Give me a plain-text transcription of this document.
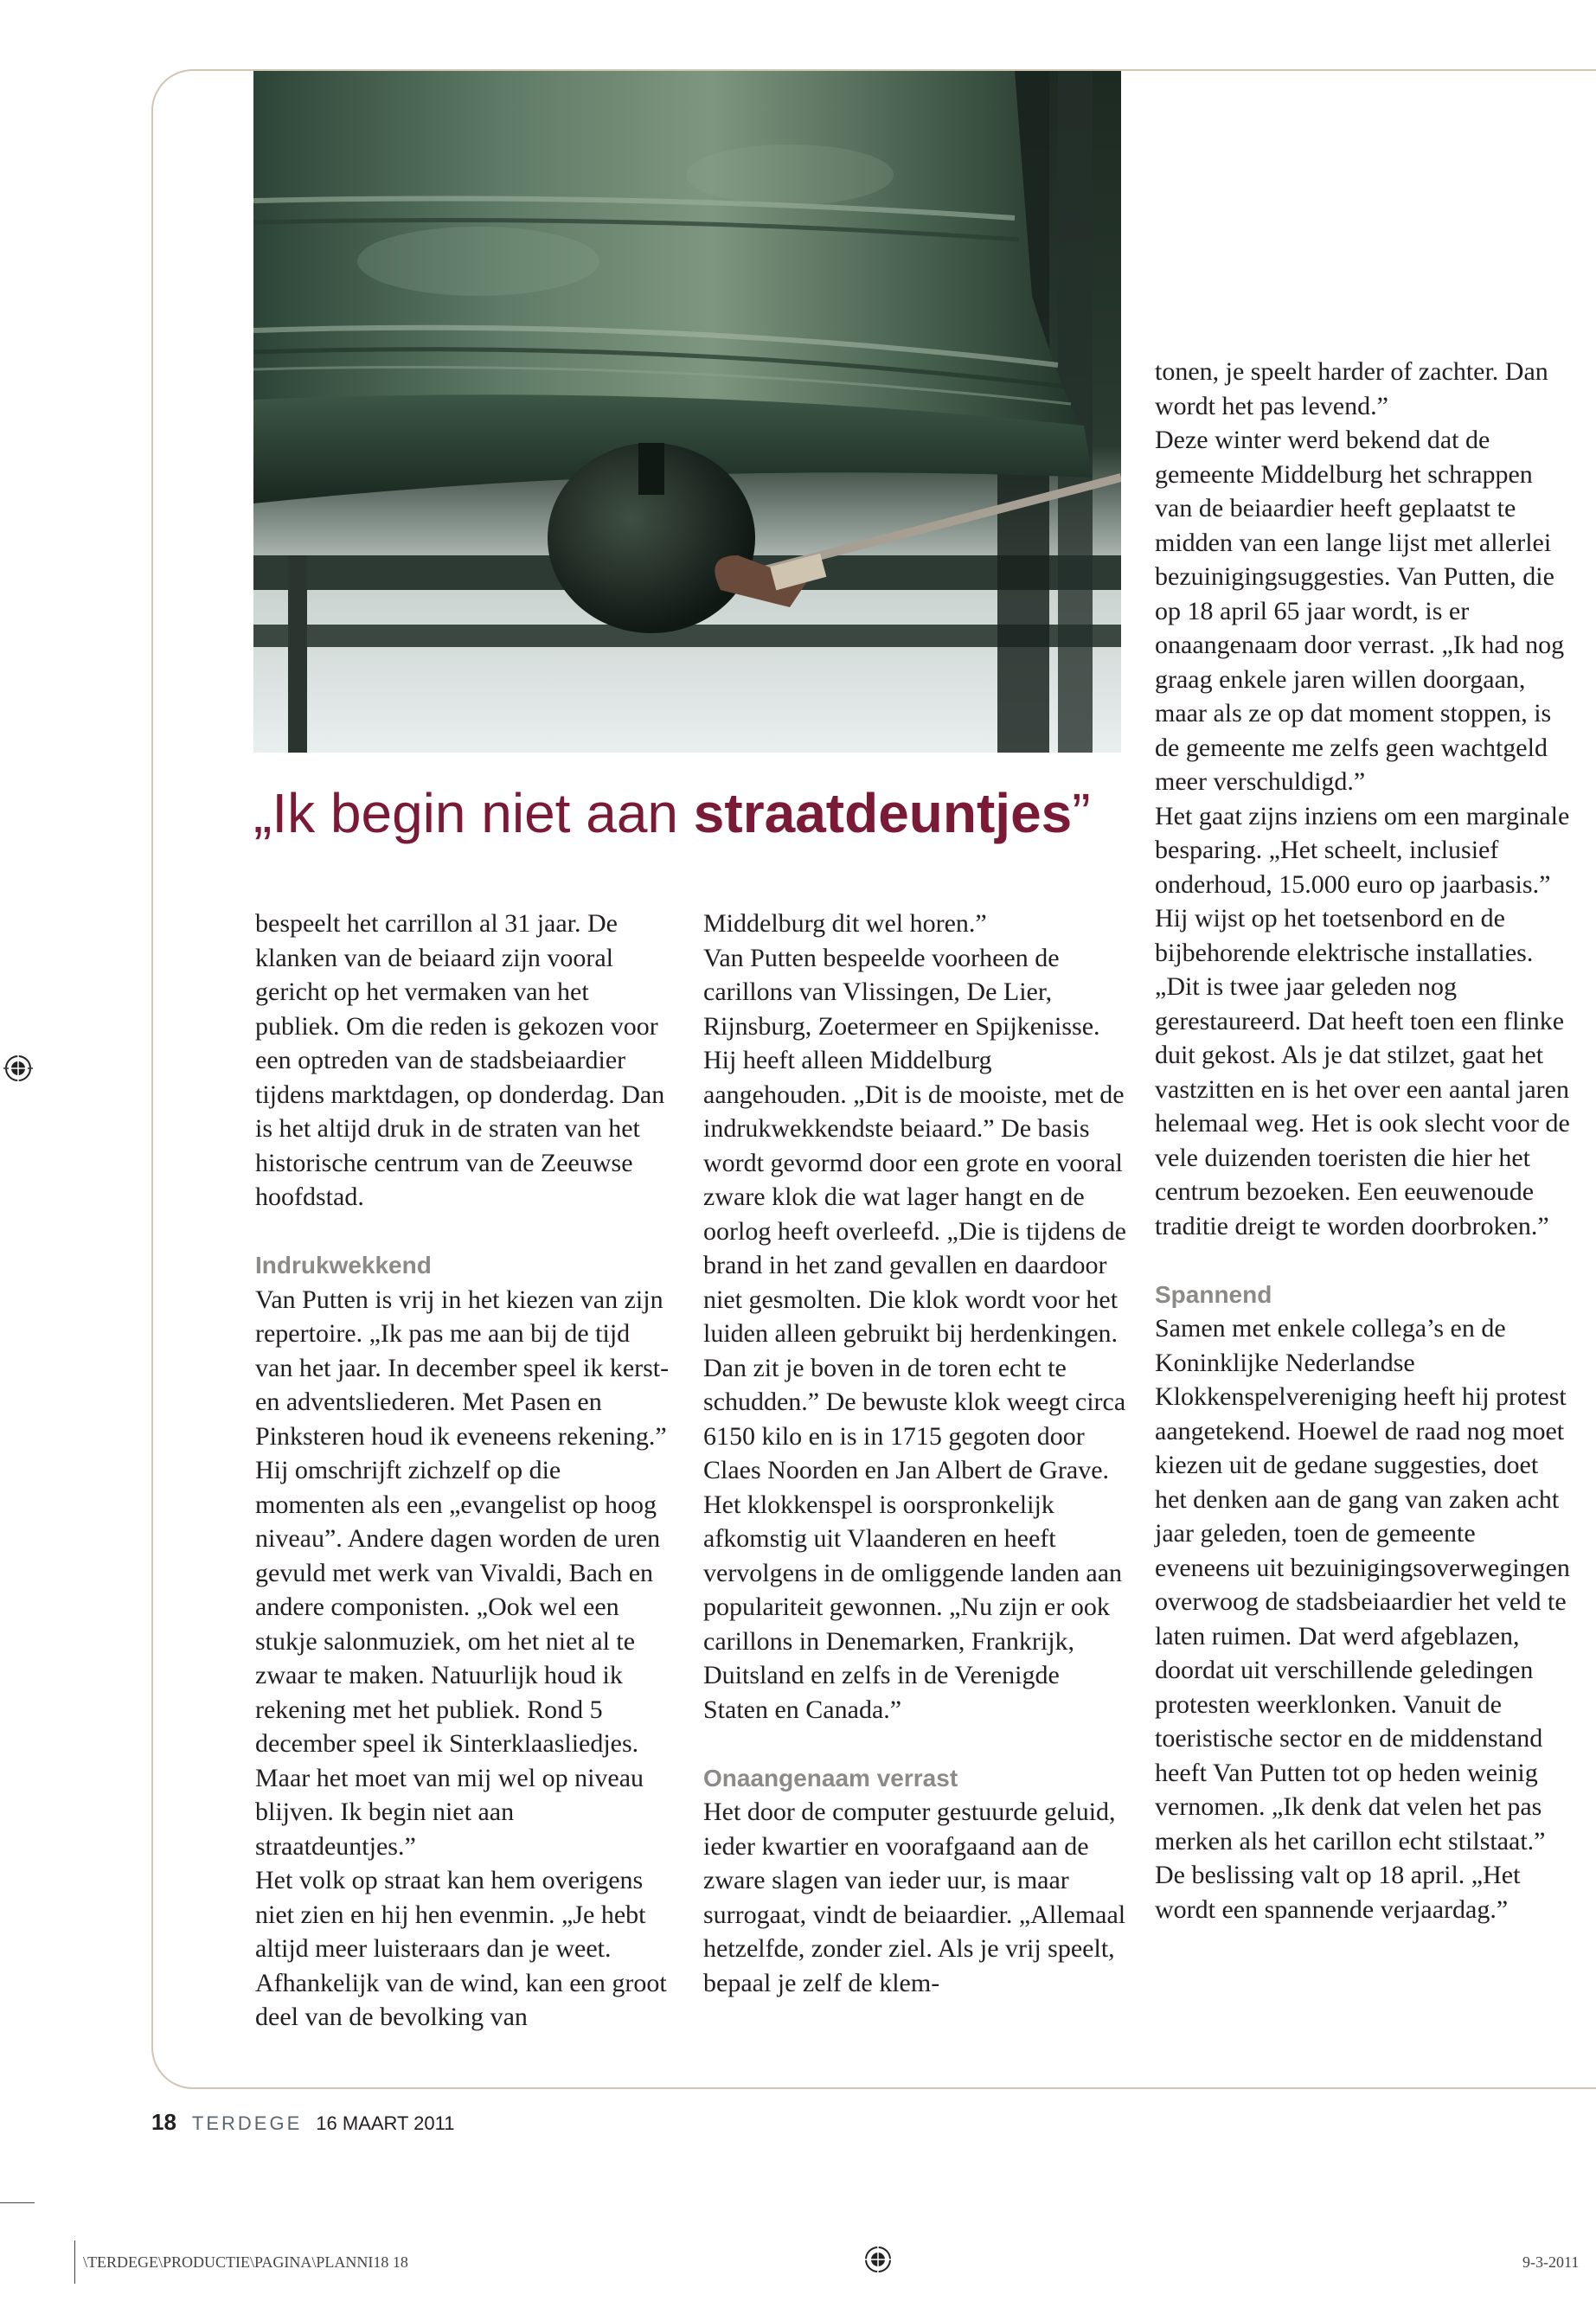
„Ik begin niet aan straatdeuntjes”

bespeelt het carrillon al 31 jaar. De klanken van de beiaard zijn vooral gericht op het vermaken van het publiek. Om die reden is gekozen voor een optreden van de stadsbeiaardier tijdens marktdagen, op donderdag. Dan is het altijd druk in de straten van het historische centrum van de Zeeuwse hoofdstad.

Indrukwekkend

Van Putten is vrij in het kiezen van zijn repertoire. „Ik pas me aan bij de tijd van het jaar. In december speel ik kerst- en adventsliederen. Met Pasen en Pinksteren houd ik eveneens rekening.” Hij omschrijft zichzelf op die momenten als een „evangelist op hoog niveau”. Andere dagen worden de uren gevuld met werk van Vivaldi, Bach en andere componisten. „Ook wel een stukje salonmuziek, om het niet al te zwaar te maken. Natuurlijk houd ik rekening met het publiek. Rond 5 december speel ik Sinterklaasliedjes. Maar het moet van mij wel op niveau blijven. Ik begin niet aan straatdeuntjes.”

Het volk op straat kan hem overigens niet zien en hij hen evenmin. „Je hebt altijd meer luisteraars dan je weet. Afhankelijk van de wind, kan een groot deel van de bevolking van

Middelburg dit wel horen.”

Van Putten bespeelde voorheen de carillons van Vlissingen, De Lier, Rijnsburg, Zoetermeer en Spijkenisse. Hij heeft alleen Middelburg aangehouden. „Dit is de mooiste, met de indrukwekkendste beiaard.” De basis wordt gevormd door een grote en vooral zware klok die wat lager hangt en de oorlog heeft overleefd. „Die is tijdens de brand in het zand gevallen en daardoor niet gesmolten. Die klok wordt voor het luiden alleen gebruikt bij herdenkingen. Dan zit je boven in de toren echt te schudden.” De bewuste klok weegt circa 6150 kilo en is in 1715 gegoten door Claes Noorden en Jan Albert de Grave.

Het klokkenspel is oorspronkelijk afkomstig uit Vlaanderen en heeft vervolgens in de omliggende landen aan populariteit gewonnen. „Nu zijn er ook carillons in Denemarken, Frankrijk, Duitsland en zelfs in de Verenigde Staten en Canada.”

Onaangenaam verrast

Het door de computer gestuurde geluid, ieder kwartier en voorafgaand aan de zware slagen van ieder uur, is maar surrogaat, vindt de beiaardier. „Allemaal hetzelfde, zonder ziel. Als je vrij speelt, bepaal je zelf de klem-

tonen, je speelt harder of zachter. Dan wordt het pas levend.”

Deze winter werd bekend dat de gemeente Middelburg het schrappen van de beiaardier heeft geplaatst te midden van een lange lijst met allerlei bezuinigingsuggesties. Van Putten, die op 18 april 65 jaar wordt, is er onaangenaam door verrast. „Ik had nog graag enkele jaren willen doorgaan, maar als ze op dat moment stoppen, is de gemeente me zelfs geen wachtgeld meer verschuldigd.”

Het gaat zijns inziens om een marginale besparing. „Het scheelt, inclusief onderhoud, 15.000 euro op jaarbasis.” Hij wijst op het toetsenbord en de bijbehorende elektrische installaties. „Dit is twee jaar geleden nog gerestaureerd. Dat heeft toen een flinke duit gekost. Als je dat stilzet, gaat het vastzitten en is het over een aantal jaren helemaal weg. Het is ook slecht voor de vele duizenden toeristen die hier het centrum bezoeken. Een eeuwenoude traditie dreigt te worden doorbroken.”

Spannend

Samen met enkele collega’s en de Koninklijke Nederlandse Klokkenspelvereniging heeft hij protest aangetekend. Hoewel de raad nog moet kiezen uit de gedane suggesties, doet het denken aan de gang van zaken acht jaar geleden, toen de gemeente eveneens uit bezuinigingsoverwegingen overwoog de stadsbeiaardier het veld te laten ruimen. Dat werd afgeblazen, doordat uit verschillende geledingen protesten weerklonken. Vanuit de toeristische sector en de middenstand heeft Van Putten tot op heden weinig vernomen. „Ik denk dat velen het pas merken als het carillon echt stilstaat.”

De beslissing valt op 18 april. „Het wordt een spannende verjaardag.”

18 TERDEGE 16 MAART 2011
\TERDEGE\PRODUCTIE\PAGINA\PLANNI18 18	9-3-2011
